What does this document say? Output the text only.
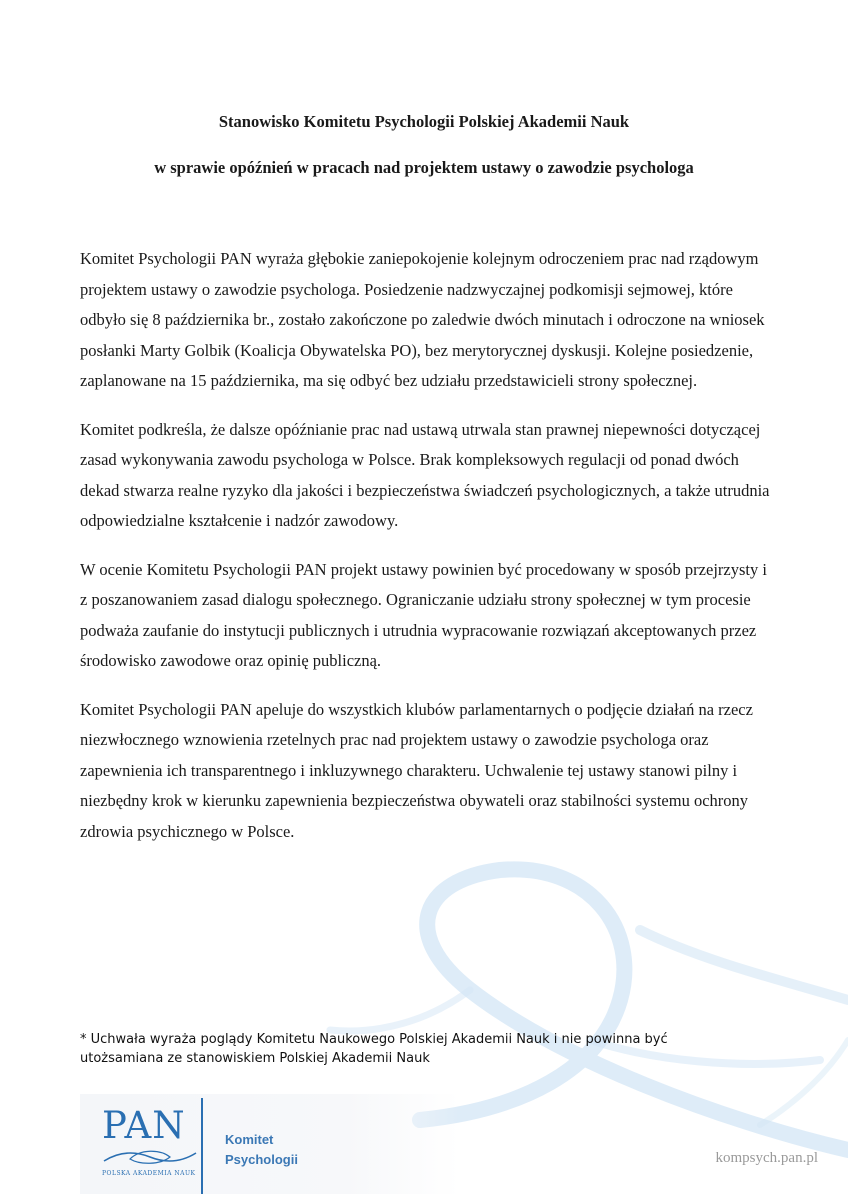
Stanowisko Komitetu Psychologii Polskiej Akademii Nauk
w sprawie opóźnień w pracach nad projektem ustawy o zawodzie psychologa

Komitet Psychologii PAN wyraża głębokie zaniepokojenie kolejnym odroczeniem prac nad rządowym projektem ustawy o zawodzie psychologa. Posiedzenie nadzwyczajnej podkomisji sejmowej, które odbyło się 8 października br., zostało zakończone po zaledwie dwóch minutach i odroczone na wniosek posłanki Marty Golbik (Koalicja Obywatelska PO), bez merytorycznej dyskusji. Kolejne posiedzenie, zaplanowane na 15 października, ma się odbyć bez udziału przedstawicieli strony społecznej.

Komitet podkreśla, że dalsze opóźnianie prac nad ustawą utrwala stan prawnej niepewności dotyczącej zasad wykonywania zawodu psychologa w Polsce. Brak kompleksowych regulacji od ponad dwóch dekad stwarza realne ryzyko dla jakości i bezpieczeństwa świadczeń psychologicznych, a także utrudnia odpowiedzialne kształcenie i nadzór zawodowy.

W ocenie Komitetu Psychologii PAN projekt ustawy powinien być procedowany w sposób przejrzysty i z poszanowaniem zasad dialogu społecznego. Ograniczanie udziału strony społecznej w tym procesie podważa zaufanie do instytucji publicznych i utrudnia wypracowanie rozwiązań akceptowanych przez środowisko zawodowe oraz opinię publiczną.

Komitet Psychologii PAN apeluje do wszystkich klubów parlamentarnych o podjęcie działań na rzecz niezwłocznego wznowienia rzetelnych prac nad projektem ustawy o zawodzie psychologa oraz zapewnienia ich transparentnego i inkluzywnego charakteru. Uchwalenie tej ustawy stanowi pilny i niezbędny krok w kierunku zapewnienia bezpieczeństwa obywateli oraz stabilności systemu ochrony zdrowia psychicznego w Polsce.

* Uchwała wyraża poglądy Komitetu Naukowego Polskiej Akademii Nauk i nie powinna być utożsamiana ze stanowiskiem Polskiej Akademii Nauk
PAN
POLSKA AKADEMIA NAUK
Komitet
Psychologii	kompsych.pan.pl
